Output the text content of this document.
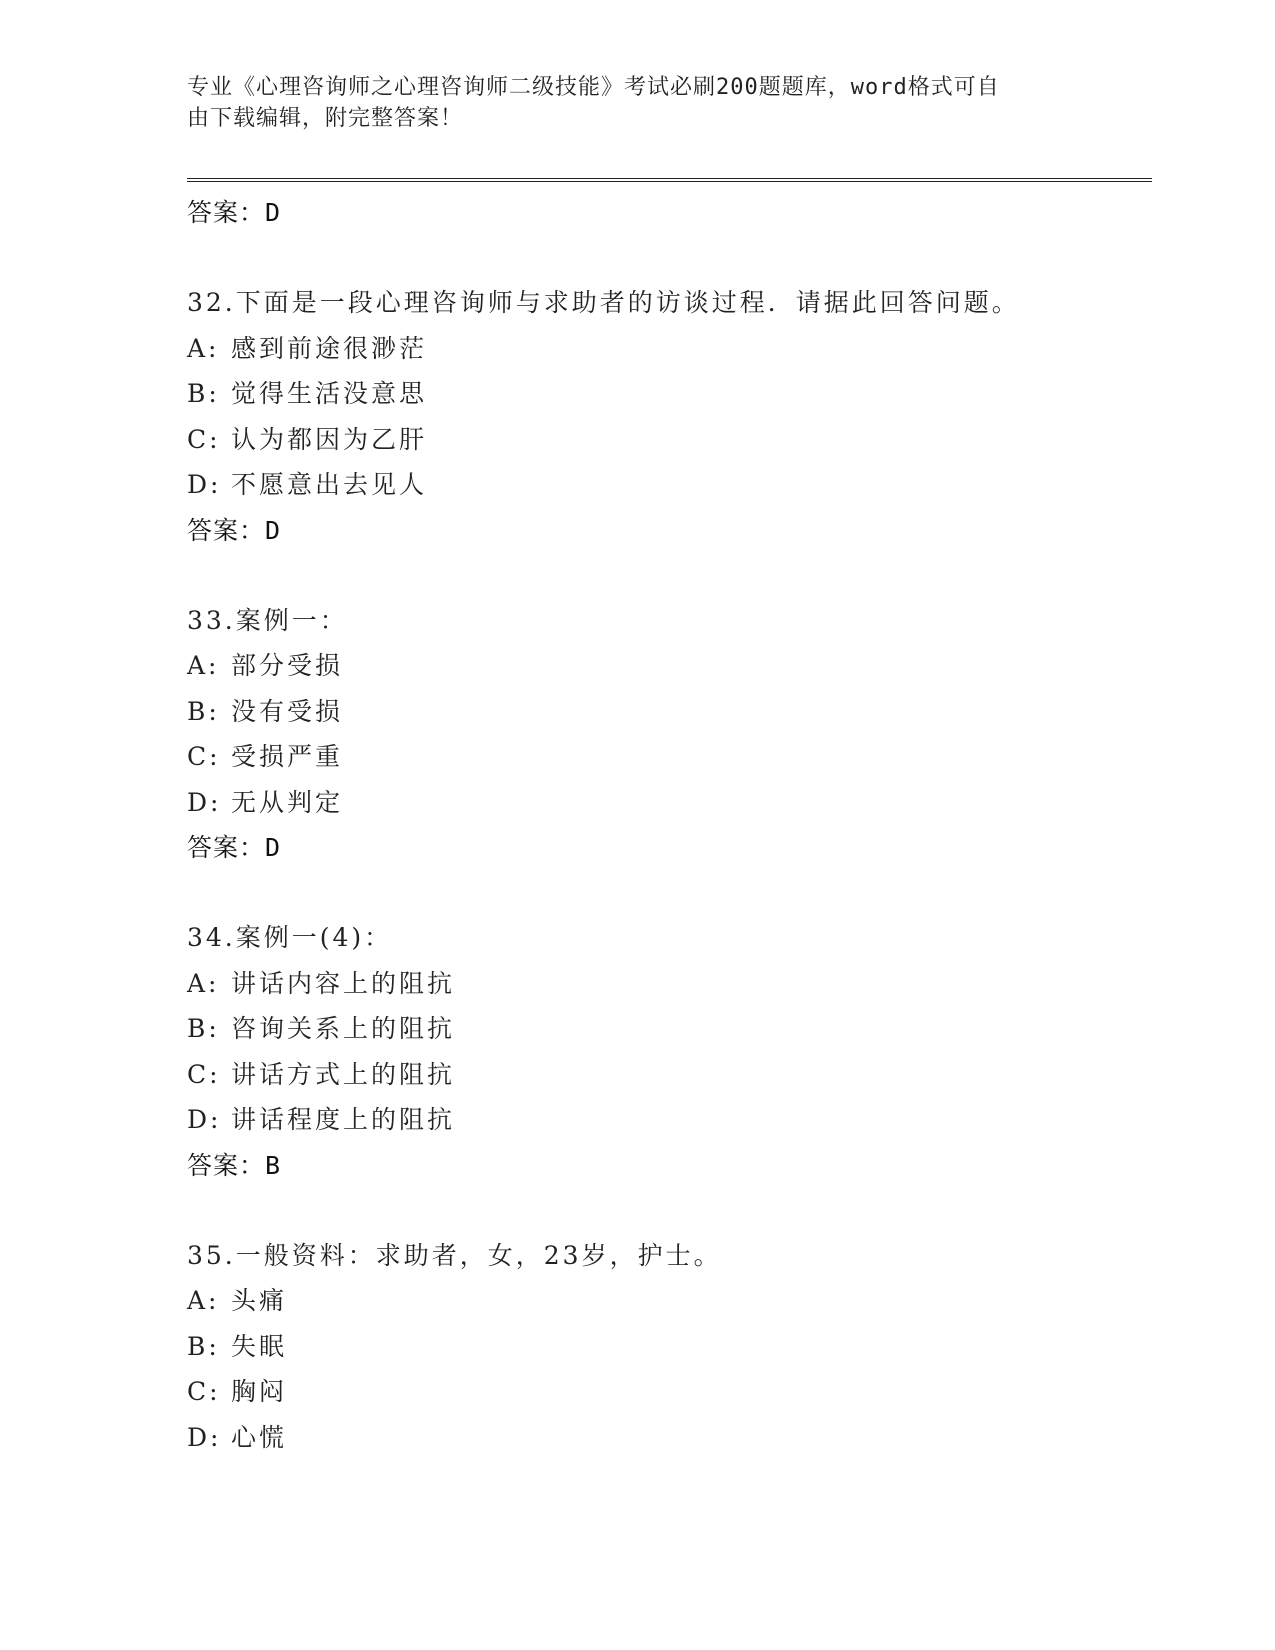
专业《心理咨询师之心理咨询师二级技能》考试必刷200题题库，word格式可自
由下载编辑，附完整答案！
答案：D
32.下面是一段心理咨询师与求助者的访谈过程．请据此回答问题。
A: 感到前途很渺茫
B: 觉得生活没意思
C: 认为都因为乙肝
D: 不愿意出去见人
答案：D
33.案例一：
A: 部分受损
B: 没有受损
C: 受损严重
D: 无从判定
答案：D
34.案例一(4)：
A: 讲话内容上的阻抗
B: 咨询关系上的阻抗
C: 讲话方式上的阻抗
D: 讲话程度上的阻抗
答案：B
35.一般资料：求助者，女，23岁，护士。
A: 头痛
B: 失眠
C: 胸闷
D: 心慌
